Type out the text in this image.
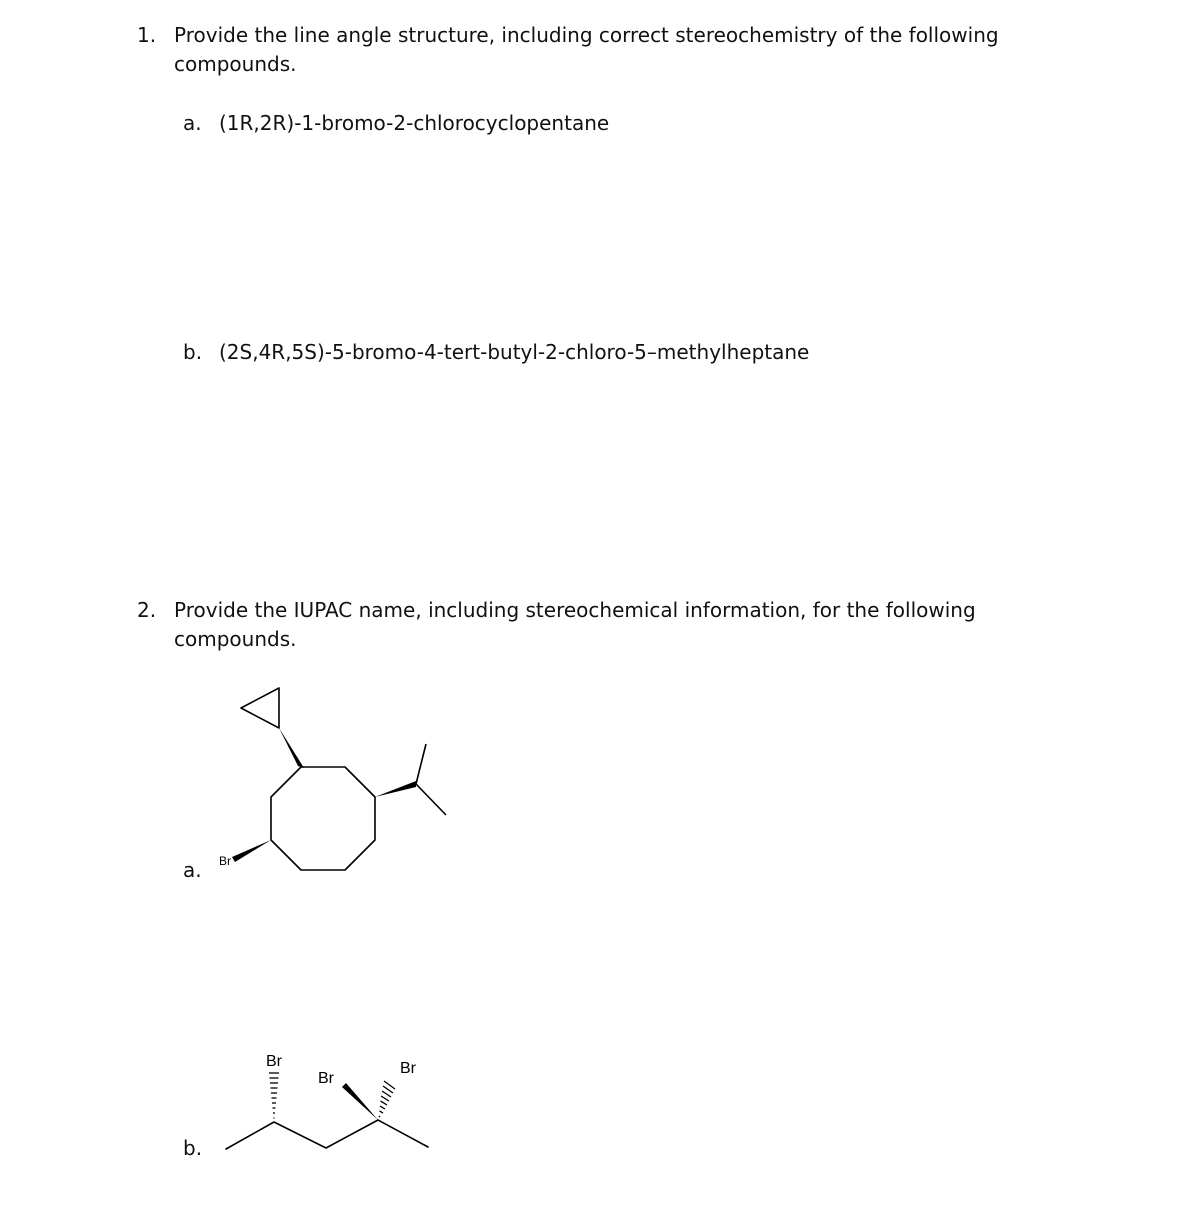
1. Provide the line angle structure, including correct stereochemistry of the following
compounds.
a. (1R,2R)-1-bromo-2-chlorocyclopentane
b. (2S,4R,5S)-5-bromo-4-tert-butyl-2-chloro-5–methylheptane
2. Provide the IUPAC name, including stereochemical information, for the following
compounds.
a.
b.
Br
Br
Br
Br
